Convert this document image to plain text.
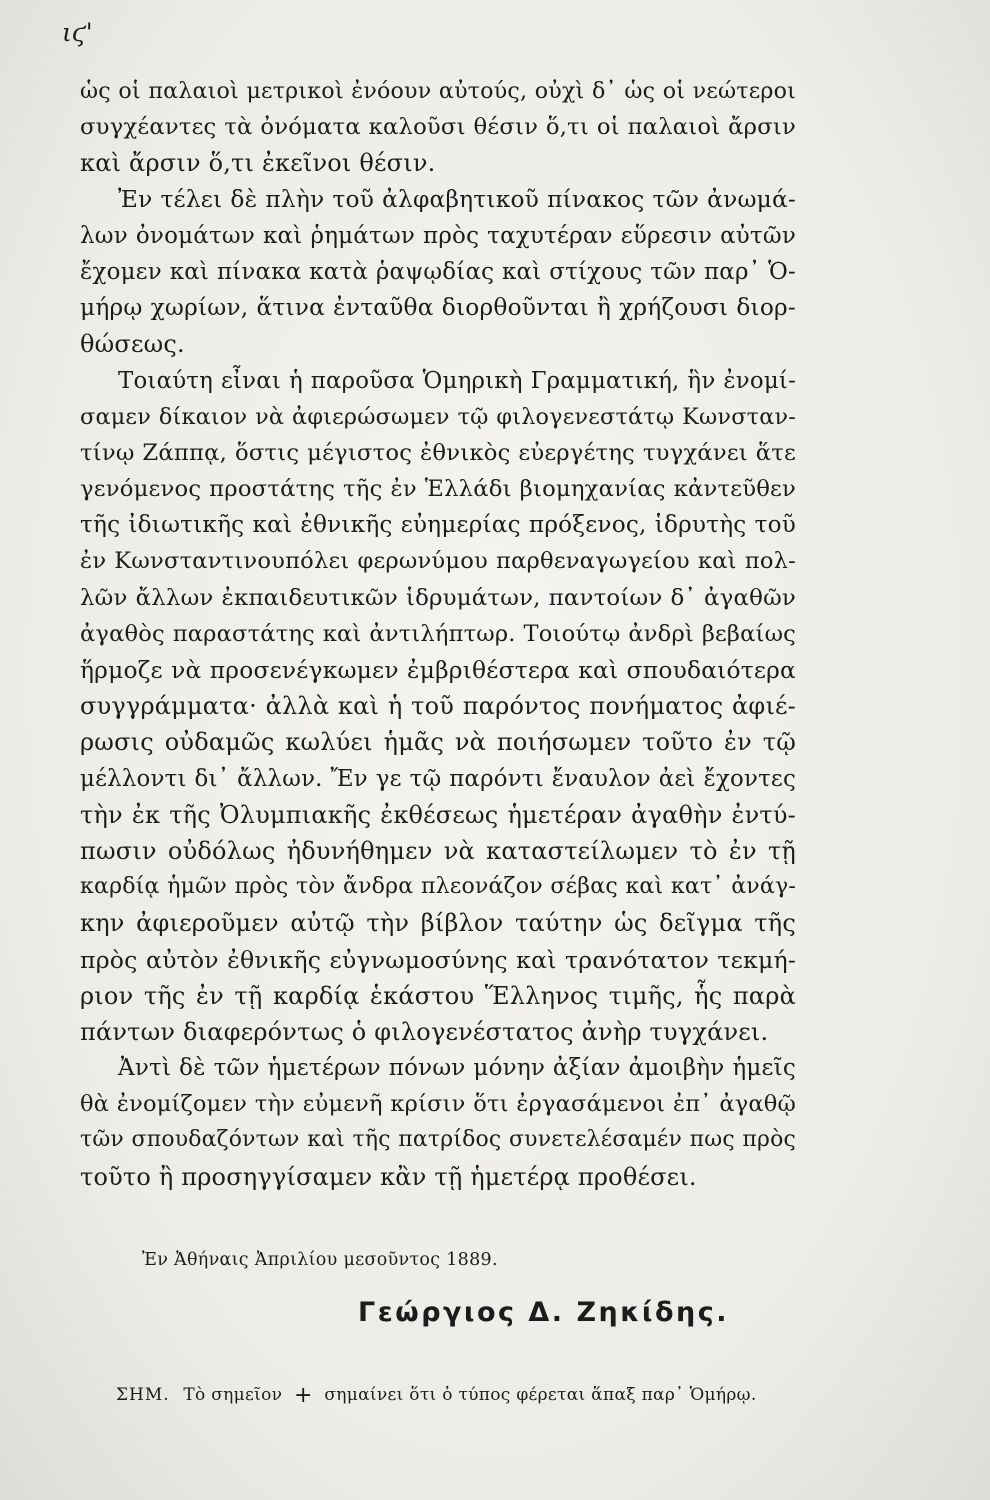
ιϛ'
ὡς οἱ παλαιοὶ μετρικοὶ ἐνόουν αὐτούς, οὐχὶ δ᾽ ὡς οἱ νεώτεροι
συγχέαντες τὰ ὀνόματα καλοῦσι θέσιν ὅ,τι οἱ παλαιοὶ ἄρσιν
καὶ ἄρσιν ὅ,τι ἐκεῖνοι θέσιν.
Ἐν τέλει δὲ πλὴν τοῦ ἀλφαβητικοῦ πίνακος τῶν ἀνωμά-
λων ὀνομάτων καὶ ῥημάτων πρὸς ταχυτέραν εὕρεσιν αὐτῶν
ἔχομεν καὶ πίνακα κατὰ ῥαψῳδίας καὶ στίχους τῶν παρ᾽ Ὁ-
μήρῳ χωρίων, ἅτινα ἐνταῦθα διορθοῦνται ἢ χρήζουσι διορ-
θώσεως.
Τοιαύτη εἶναι ἡ παροῦσα Ὁμηρικὴ Γραμματική, ἣν ἐνομί-
σαμεν δίκαιον νὰ ἀφιερώσωμεν τῷ φιλογενεστάτῳ Κωνσταν-
τίνῳ Ζάππᾳ, ὅστις μέγιστος ἐθνικὸς εὐεργέτης τυγχάνει ἅτε
γενόμενος προστάτης τῆς ἐν Ἑλλάδι βιομηχανίας κἀντεῦθεν
τῆς ἰδιωτικῆς καὶ ἐθνικῆς εὐημερίας πρόξενος, ἱδρυτὴς τοῦ
ἐν Κωνσταντινουπόλει φερωνύμου παρθεναγωγείου καὶ πολ-
λῶν ἄλλων ἐκπαιδευτικῶν ἱδρυμάτων, παντοίων δ᾽ ἀγαθῶν
ἀγαθὸς παραστάτης καὶ ἀντιλήπτωρ. Τοιούτῳ ἀνδρὶ βεβαίως
ἥρμοζε νὰ προσενέγκωμεν ἐμβριθέστερα καὶ σπουδαιότερα
συγγράμματα· ἀλλὰ καὶ ἡ τοῦ παρόντος πονήματος ἀφιέ-
ρωσις οὐδαμῶς κωλύει ἡμᾶς νὰ ποιήσωμεν τοῦτο ἐν τῷ
μέλλοντι δι᾽ ἄλλων. Ἔν γε τῷ παρόντι ἔναυλον ἀεὶ ἔχοντες
τὴν ἐκ τῆς Ὀλυμπιακῆς ἐκθέσεως ἡμετέραν ἀγαθὴν ἐντύ-
πωσιν οὐδόλως ἠδυνήθημεν νὰ καταστείλωμεν τὸ ἐν τῇ
καρδίᾳ ἡμῶν πρὸς τὸν ἄνδρα πλεονάζον σέβας καὶ κατ᾽ ἀνάγ-
κην ἀφιεροῦμεν αὐτῷ τὴν βίβλον ταύτην ὡς δεῖγμα τῆς
πρὸς αὐτὸν ἐθνικῆς εὐγνωμοσύνης καὶ τρανότατον τεκμή-
ριον τῆς ἐν τῇ καρδίᾳ ἑκάστου Ἕλληνος τιμῆς, ἧς παρὰ
πάντων διαφερόντως ὁ φιλογενέστατος ἀνὴρ τυγχάνει.
Ἀντὶ δὲ τῶν ἡμετέρων πόνων μόνην ἀξίαν ἀμοιβὴν ἡμεῖς
θὰ ἐνομίζομεν τὴν εὐμενῆ κρίσιν ὅτι ἐργασάμενοι ἐπ᾽ ἀγαθῷ
τῶν σπουδαζόντων καὶ τῆς πατρίδος συνετελέσαμέν πως πρὸς
τοῦτο ἢ προσηγγίσαμεν κἂν τῇ ἡμετέρᾳ προθέσει.
Ἐν Ἀθήναις Ἀπριλίου μεσοῦντος 1889.
Γεώργιος Δ. Ζηκίδης.
ΣΗΜ. Τὸ σημεῖον + σημαίνει ὅτι ὁ τύπος φέρεται ἅπαξ παρ᾽ Ὁμήρῳ.
